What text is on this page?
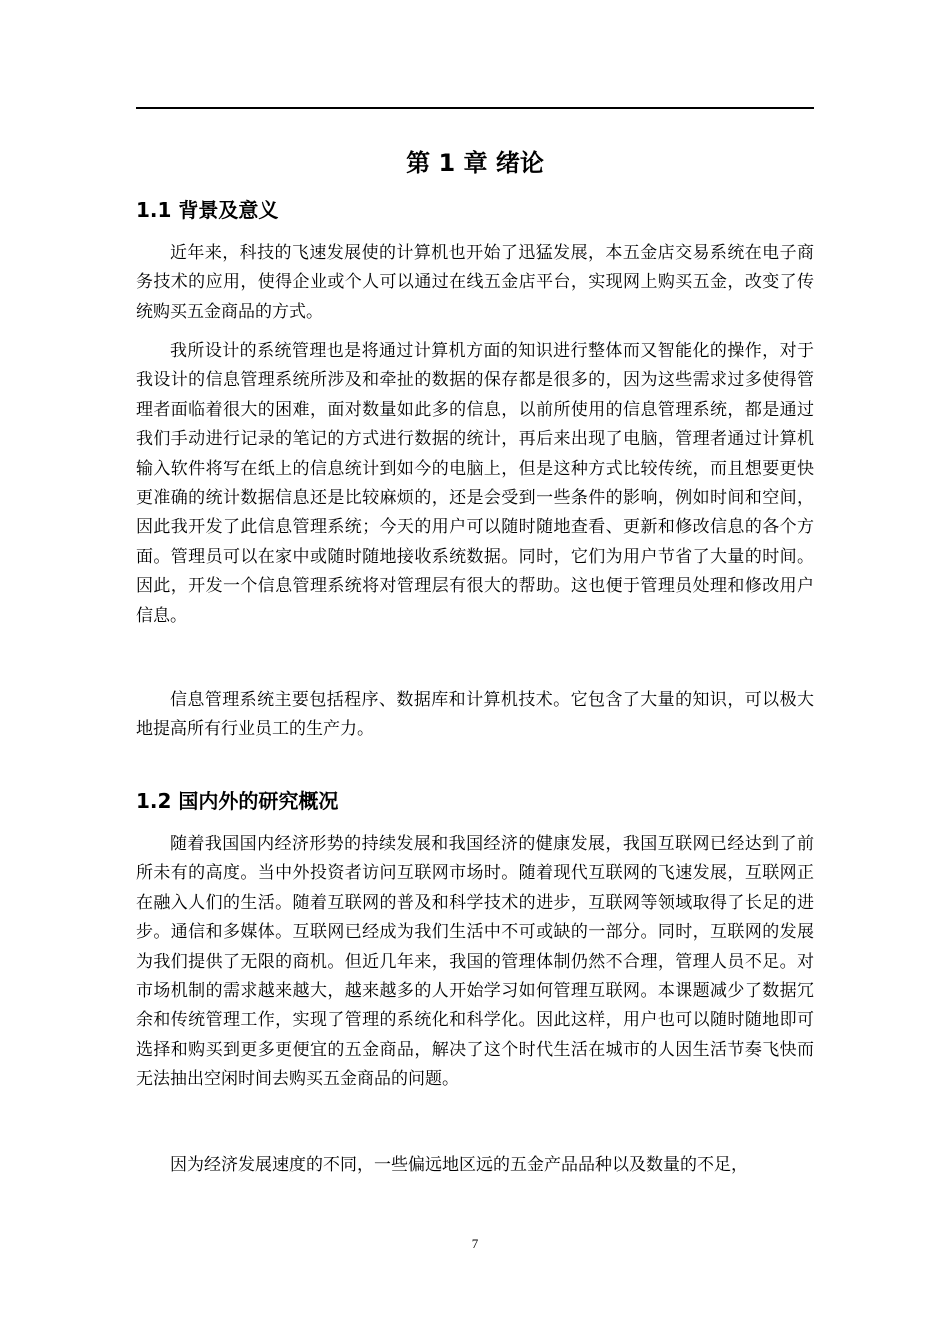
第 1 章 绪论
1.1 背景及意义

近年来，科技的飞速发展使的计算机也开始了迅猛发展，本五金店交易系统在电子商务技术的应用，使得企业或个人可以通过在线五金店平台，实现网上购买五金，改变了传统购买五金商品的方式。

我所设计的系统管理也是将通过计算机方面的知识进行整体而又智能化的操作，对于我设计的信息管理系统所涉及和牵扯的数据的保存都是很多的，因为这些需求过多使得管理者面临着很大的困难，面对数量如此多的信息，以前所使用的信息管理系统，都是通过我们手动进行记录的笔记的方式进行数据的统计，再后来出现了电脑，管理者通过计算机输入软件将写在纸上的信息统计到如今的电脑上，但是这种方式比较传统，而且想要更快更准确的统计数据信息还是比较麻烦的，还是会受到一些条件的影响，例如时间和空间，因此我开发了此信息管理系统；今天的用户可以随时随地查看、更新和修改信息的各个方面。管理员可以在家中或随时随地接收系统数据。同时，它们为用户节省了大量的时间。因此，开发一个信息管理系统将对管理层有很大的帮助。这也便于管理员处理和修改用户信息。

信息管理系统主要包括程序、数据库和计算机技术。它包含了大量的知识，可以极大地提高所有行业员工的生产力。

1.2 国内外的研究概况

随着我国国内经济形势的持续发展和我国经济的健康发展，我国互联网已经达到了前所未有的高度。当中外投资者访问互联网市场时。随着现代互联网的飞速发展，互联网正在融入人们的生活。随着互联网的普及和科学技术的进步，互联网等领域取得了长足的进步。通信和多媒体。互联网已经成为我们生活中不可或缺的一部分。同时，互联网的发展为我们提供了无限的商机。但近几年来，我国的管理体制仍然不合理，管理人员不足。对市场机制的需求越来越大，越来越多的人开始学习如何管理互联网。本课题减少了数据冗余和传统管理工作，实现了管理的系统化和科学化。因此这样，用户也可以随时随地即可选择和购买到更多更便宜的五金商品，解决了这个时代生活在城市的人因生活节奏飞快而无法抽出空闲时间去购买五金商品的问题。

因为经济发展速度的不同，一些偏远地区远的五金产品品种以及数量的不足，

7
